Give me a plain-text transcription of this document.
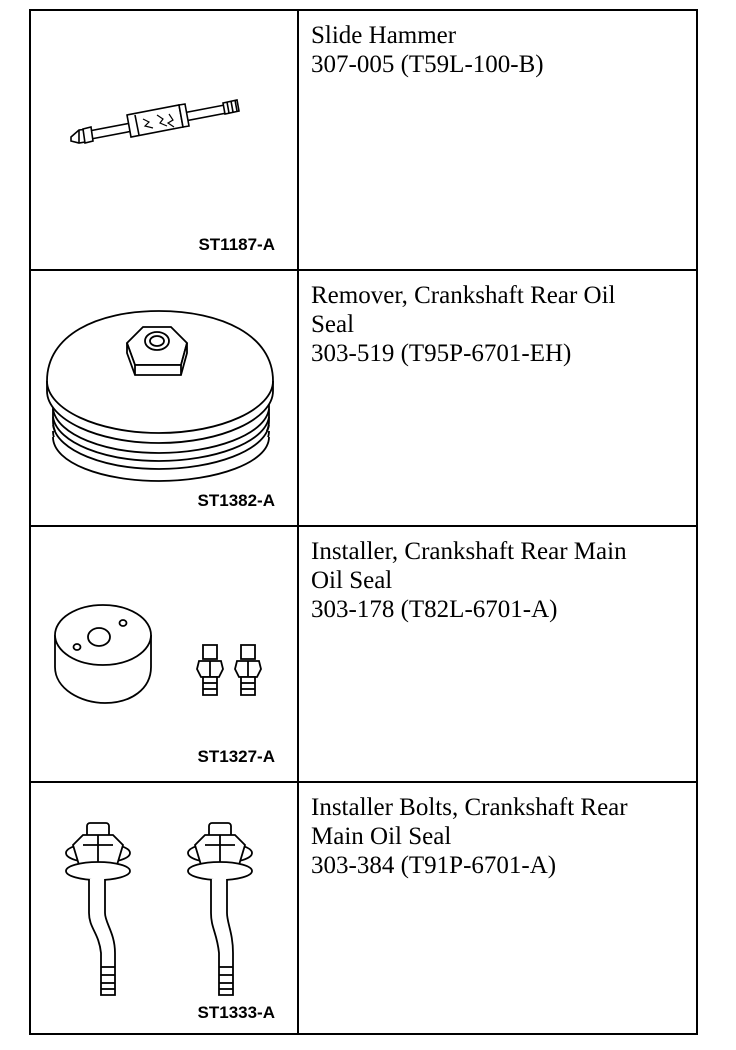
ST1187-A
Slide Hammer
307-005 (T59L-100-B)
ST1382-A
Remover, Crankshaft Rear Oil
Seal
303-519 (T95P-6701-EH)
ST1327-A
Installer, Crankshaft Rear Main
Oil Seal
303-178 (T82L-6701-A)
ST1333-A
Installer Bolts, Crankshaft Rear
Main Oil Seal
303-384 (T91P-6701-A)
